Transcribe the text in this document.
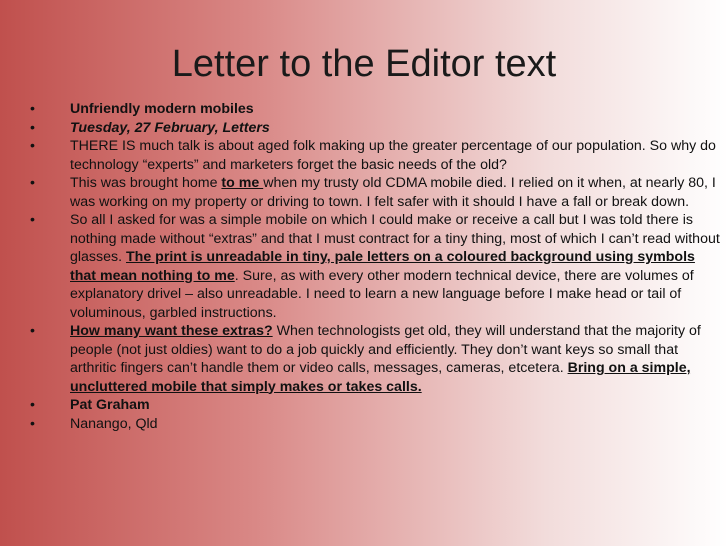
Letter to the Editor text
• Unfriendly modern mobiles
• Tuesday, 27 February, Letters
• THERE IS much talk is about aged folk making up the greater percentage of our population. So why do technology “experts” and marketers forget the basic needs of the old?
• This was brought home to me when my trusty old CDMA mobile died. I relied on it when, at nearly 80, I was working on my property or driving to town. I felt safer with it should I have a fall or break down.
• So all I asked for was a simple mobile on which I could make or receive a call but I was told there is nothing made without “extras” and that I must contract for a tiny thing, most of which I can’t read without glasses. The print is unreadable in tiny, pale letters on a coloured background using symbols that mean nothing to me. Sure, as with every other modern technical device, there are volumes of explanatory drivel – also unreadable. I need to learn a new language before I make head or tail of voluminous, garbled instructions.
• How many want these extras? When technologists get old, they will understand that the majority of people (not just oldies) want to do a job quickly and efficiently. They don’t want keys so small that arthritic fingers can’t handle them or video calls, messages, cameras, etcetera. Bring on a simple, uncluttered mobile that simply makes or takes calls.
• Pat Graham
• Nanango, Qld
